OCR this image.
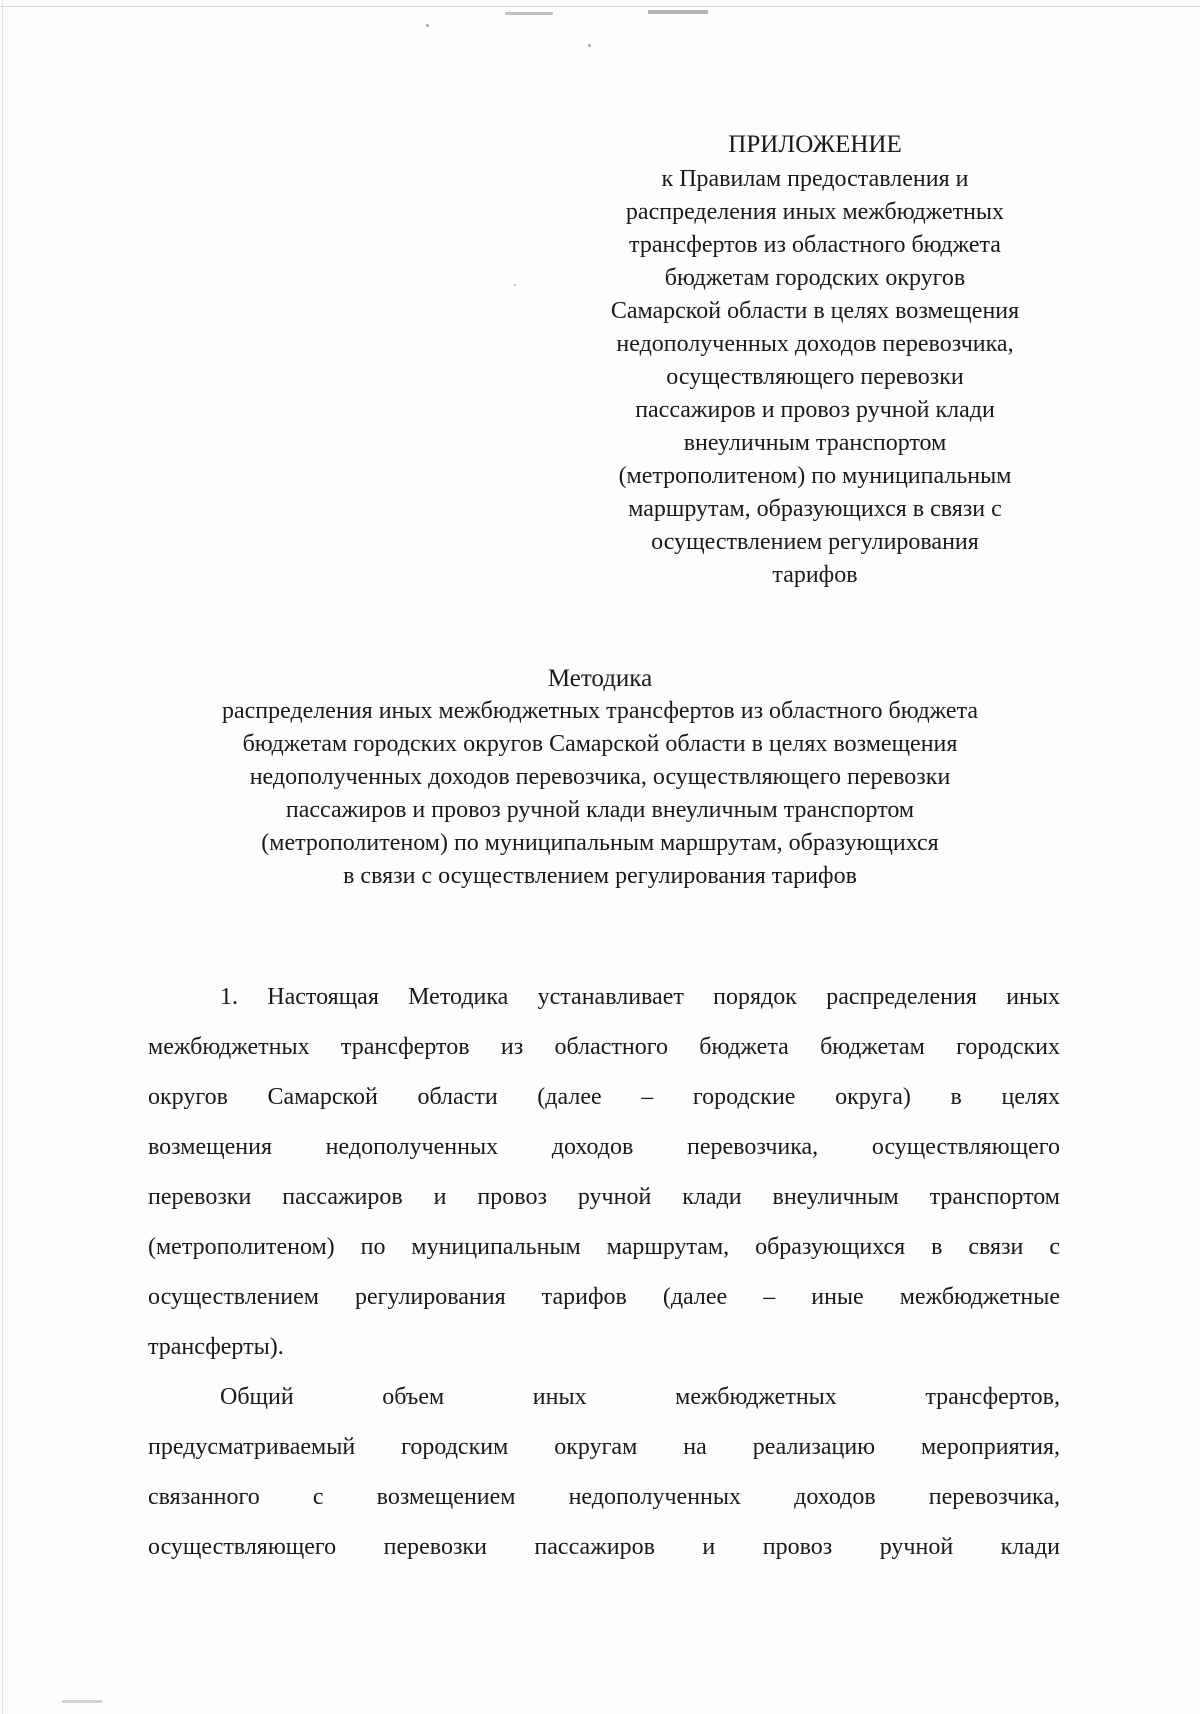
ПРИЛОЖЕНИЕ
к Правилам предоставления и
распределения иных межбюджетных
трансфертов из областного бюджета
бюджетам городских округов
Самарской области в целях возмещения
недополученных доходов перевозчика,
осуществляющего перевозки
пассажиров и провоз ручной клади
внеуличным транспортом
(метрополитеном) по муниципальным
маршрутам, образующихся в связи с
осуществлением регулирования
тарифов
Методика
распределения иных межбюджетных трансфертов из областного бюджета
бюджетам городских округов Самарской области в целях возмещения
недополученных доходов перевозчика, осуществляющего перевозки
пассажиров и провоз ручной клади внеуличным транспортом
(метрополитеном) по муниципальным маршрутам, образующихся
в связи с осуществлением регулирования тарифов
1. Настоящая Методика устанавливает порядок распределения иных
межбюджетных трансфертов из областного бюджета бюджетам городских
округов Самарской области (далее – городские округа) в целях
возмещения недополученных доходов перевозчика, осуществляющего
перевозки пассажиров и провоз ручной клади внеуличным транспортом
(метрополитеном) по муниципальным маршрутам, образующихся в связи с
осуществлением регулирования тарифов (далее – иные межбюджетные
трансферты).
Общий объем иных межбюджетных трансфертов,
предусматриваемый городским округам на реализацию мероприятия,
связанного с возмещением недополученных доходов перевозчика,
осуществляющего перевозки пассажиров и провоз ручной клади
